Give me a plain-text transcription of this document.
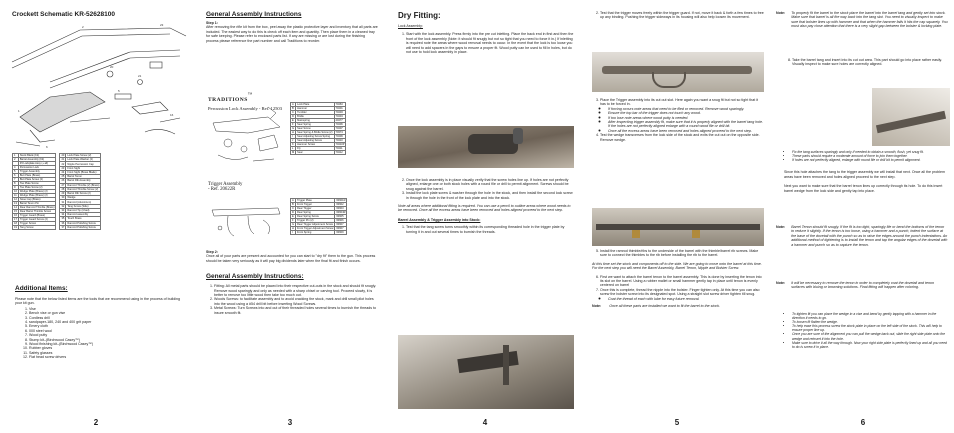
Crockett Schematic KR-52628100
2	23
20
21
1
5
16
6
1	Stock Blank (Kit)
2	Barrel Assembly (Kit)
	45 Lockplate Assy (+ all)
4	Percussion Lock
5	Trigger Assembly
6	Butt Plate (Brass)
7	Butt Plate Screw (2)
8	Toe Plate Screw
9	Toe Plate Screw (2)
10	Wedge Plate (Brass) (2)
11	Wedge Plate (Brass) (2)
12	Nose Cap (Brass)
13	Barrel Tenon Pin
14	Rear Ramrod Thimble (Brass)
15	Rear Barrel Thimble Screw
16	Trigger Guard (Brass)
17	Trigger Guard Screw (2)
18	Trigger Screw
19	Tang Screw
20	Lock Plate Screw (2)
21	Lock Plate Washer (2)
22	Nipple Percussion Cap
23	Front Sight
24	Front Sight (Brass Blade)
25	Barrel Tenon
26	Barrel Rib Assembly
27	Ramrod Thimble (2) (Brass)
28	Ramrod Thimble Screw (2)
29	Barrel Rib Screw (2)
30	Wedge
31	Ramrod (Aluminium)
32	Tang Screw (Side)
33	Ramrod Tip (Chad)
34	Ramrod assembly
35	Touch Brass
36	Ramrod Polishing Screw
37	Ramrod Polishing Screw

Additional Items:

Please note that the below listed items are the tools that we recommend using in the process of building your kit gun.

1. Vise
2. Bench vise or gun vise
3. Cordless drill
4. sandpaper-180, 240 and 400 grit paper
5. Emery cloth
6. 000 steel wool
7. Wood putty
8. Stump kit–(Birchwood Casey™)
9. Wood finishing kit–(Birchwood Casey™)
10. Rubber gloves
11. Safety glasses
12. Flat head screw drivers
2

General Assembly Instructions

Step 1:

After removing the rifle kit from the box, peel away the plastic protective layer and inventory that all parts are included. The easiest way to do this is check off each item and quantity. Then place them in a cleaned tray for safe keeping. Please refer to enclosed parts list. If any are missing or are lost during the finishing process please reference the part number and call Traditions to reorder.

TRADITIONS™
Percussion Lock Assembly - Ref. 12503
A	Lock Plate	70463
B	Hammer	70401
C	Tumbler	70403
D	Bridle	70404
E	Mainspring	40477
F	Sear Spring	70406
G	Sear Screw	70407
H	Sear Spring & Bridle Screw (2)	70374
I	Sear Adjusting Screw Spring	70409
J	Sear Adjusting Screw	70410
K	Hammer Screw	70410P
L	Fly	70411
M	Sear	70412
Trigger Assembly
- Ref. 20622R
A	Trigger Plate	60601R
B	Front Trigger	60602
C	Rear Trigger	60603
D	Rear Spring	60604R
E	Rear Spring Screw	60605
F	Trigger Pin (2)	60606
G	Rear Trigger Adjustment Screw	60607
H	Front Trigger Adjustment Screw	60607
I	Front Spring	60609

Step 2:

Once all of your parts are present and accounted for you can start to "dry fit" them to the gun. This process should be taken very seriously as it will pay big dividends later when the final fit and finish occurs.

General Assembly Instructions:

1. Fitting: All metal parts should be placed into their respective cut-outs in the stock and should fit snugly. Remove wood sparingly and only as needed with a sharp chisel or carving tool. Proceed slowly, it is better to remove too little wood then take too much out.
2. Woods Screws: to facilitate assembly and to avoid cracking the stock, mark and drill small pilot holes into the wood using a #54 drill bit before inserting Wood Screws.
3. Metal Screws: Turn Screws into and out of their threaded holes several times to burnish the threads to insure smooth fit.
3

Dry Fitting:

Lock Assembly:

1. Start with the lock assembly. Press firmly into the pre cut inletting. Place the back end in first and then the front of the lock assembly (Note: it should fit snugly but not so tight that you need to force it in.) If inletting is required note the areas where wood removal needs to occur. In the event that the lock is too loose you will need to add spacers in the gaps to ensure a proper fit. Wood putty can be used to fill in holes, but do not use to hold lock assembly in place.
2. Once the lock assembly is in place visually verify that the screw holes line up. If holes are not perfectly aligned, enlarge one or both stock holes with a round file or drill to permit alignment. Screws should be snug against the barrel.
3. Install the lock plate screw & washer through the hole in the stock, and then install the second lock screw in through the hole in the front of the lock plate and into the stock.

Note all areas where additional fitting is required. You can use a pencil to outline areas where wood needs to be removed. Once all the excess areas have been removed and holes aligned proceed to the next step.

Barrel Assembly & Trigger Assembly into Stock:

1. Test that the tang screw turns smoothly within its corresponding threaded hole in the trigger plate by turning it in and out several times to burnish the threads.
4
2. Test that the trigger moves freely within the trigger guard. If not, move it back & forth a few times to free up any binding. Pushing the trigger sideways in its housing will also help loosen its movement.
3. Place the Trigger assembly into its cut out slot. Here again you want a snug fit but not so tight that it has to be forced in.
◦ If forcing occurs note areas that need to be filed or removed. Remove wood sparingly.
◦ Ensure the top bar of the trigger does not touch any wood.
◦ If too lose note areas where wood putty is needed.
◦ After inspecting trigger assembly fit, make sure that it is properly aligned with the barrel tang hole. If the holes are not perfectly aligned enlarge with a round wood file or drill bit.
◦ Once all the excess areas have been removed and holes aligned proceed to the next step.
4. Test the wedge transverses from the lock side of the stock and exits the cut out on the opposite side. Remove wedge.
5. Install the ramrod thimble/ribs to the underside of the barrel with the thimble/barrel rib screws. Make sure to connect the thimbles to the rib before installing the rib to the barrel.

At this time set the stock and components off to the side. We are going to move onto the barrel at this time. For the next step you will need the Barrel Assembly, Barrel Tenon, Nipple and Bolster Screw.

6. First we want to attach the barrel tenon to the barrel assembly. This is done by inserting the tenon into its slot on the barrel. Using a rubber mallet or small hammer gently tap in place until tenon is evenly centered on barrel
7. Once this is complete, thread the nipple into the bolster. Finger tighten only. At this time you can also screw the bolster screw into its designated spot. Using a straight slot screw driver tighten till snug.
◦ Coat the thread of each with lube for easy future removal.
Note: Once all these parts are installed we want to fit the barrel to the stock.
5
Note: To properly fit the barrel to the stock place the barrel into the barrel tang and gently set into stock. Make sure that barrel is all fire way back into the tang slot. You need to visually inspect to make sure that bolster lines up with hammer and that when the hammer falls it hits the cap squarely. You must also pay close attention that there is a very slight gap between the bolster & locking plate.
8. Take the barrel tang and insert into its cut out area. This part should go into place rather easily. Visually inspect to make sure holes are correctly aligned.
• Fix the tang surfaces sparingly and only if needed to obtain a smooth, flush, yet snug fit.
• These parts should require a moderate amount of force to join them together.
• If holes are not perfectly aligned, enlarge with round file or drill bit to permit alignment.

Since this hole attaches the tang to the trigger assembly we will install that next. Once all the problem areas have been removed and holes aligned proceed to the next step.

Next you want to make sure that the barrel tenon lines up correctly through its hole. To do this insert barrel wedge from the lock side and gently tap into place.

Note: Barrel Tenon should fit snugly. If the fit is too tight, sparingly file or bend the bottoms of the tenon to reduce it slightly. If the tenon is too loose, using a hammer and a punch, indent the surface at the base of the dovetail with the punch so as to raise the edges around the punch indentations. An additional method of tightening is to install the tenon and tap the angular edges of the dovetail with a hammer and punch so as to capture the tenon.
Note: It will be necessary to remove the tenon in order to completely coat the dovetail and tenon surfaces with bluing or browning solutions. Final fitting will happen after coloring.
• To tighten fit you can place the wedge in a vise and bend by gently tapping with a hammer in the direction it needs to go.
• To loosen fit flatten the wedge.
• To help ease this process screw the stock plate in place on the left side of the stock. This will help to ensure proper line up.
• Once you are sure of the alignment you can pull the wedge back out, slide the right side plate onto the wedge and reinsert it into the hole.
• Make sure to drive it all the way through. Now your right side plate is perfectly lined up and all you need to do is screw it in place.
6
